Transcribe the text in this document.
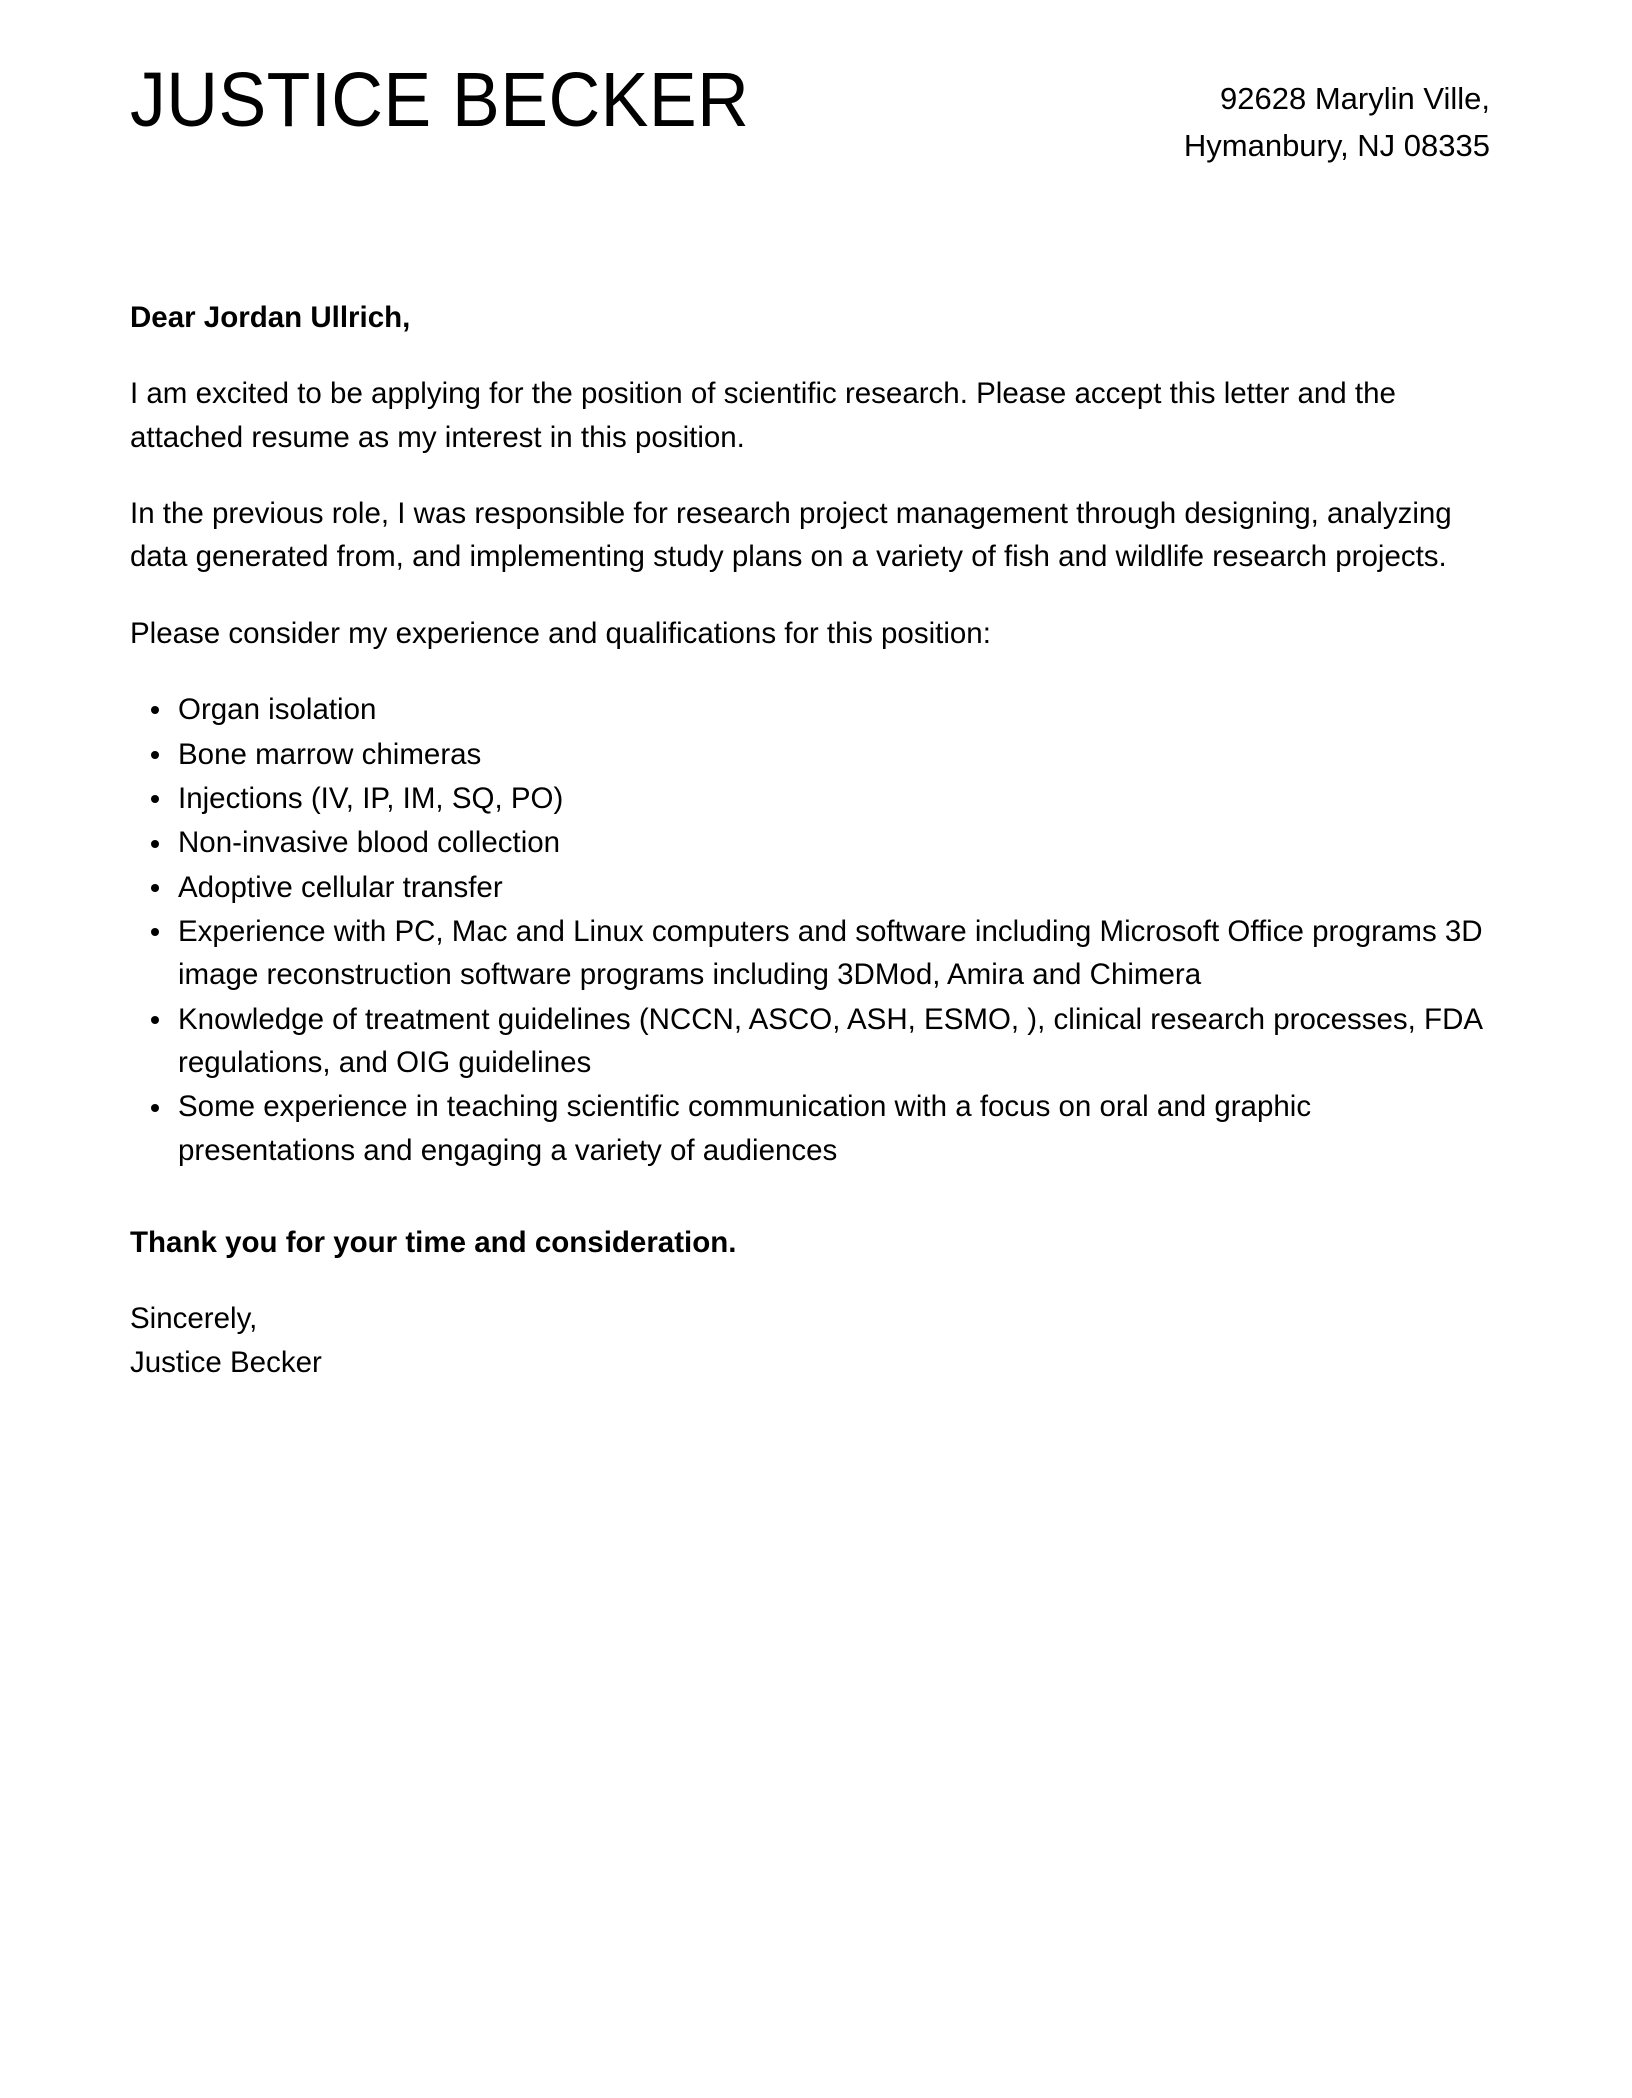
JUSTICE BECKER	92628 Marylin Ville,
Hymanbury, NJ 08335

Dear Jordan Ullrich,

I am excited to be applying for the position of scientific research. Please accept this letter and the attached resume as my interest in this position.

In the previous role, I was responsible for research project management through designing, analyzing data generated from, and implementing study plans on a variety of fish and wildlife research projects.

Please consider my experience and qualifications for this position:

Organ isolation
Bone marrow chimeras
Injections (IV, IP, IM, SQ, PO)
Non-invasive blood collection
Adoptive cellular transfer
Experience with PC, Mac and Linux computers and software including Microsoft Office programs 3D image reconstruction software programs including 3DMod, Amira and Chimera
Knowledge of treatment guidelines (NCCN, ASCO, ASH, ESMO, ), clinical research processes, FDA regulations, and OIG guidelines
Some experience in teaching scientific communication with a focus on oral and graphic presentations and engaging a variety of audiences

Thank you for your time and consideration.

Sincerely,
Justice Becker
